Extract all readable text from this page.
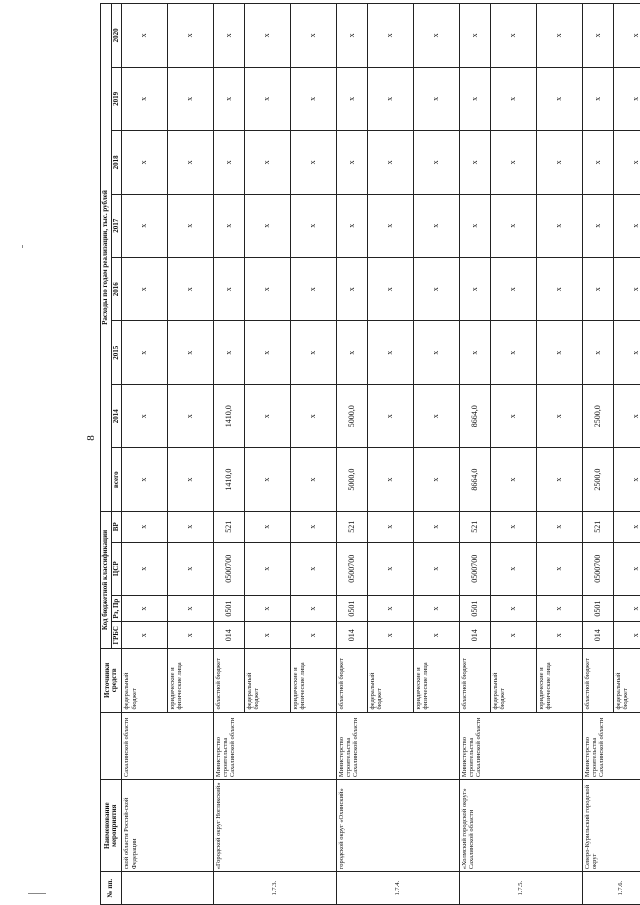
8
№ пп.	Наименование мероприятия		Источники средств	Код бюджетной классификации				Расходы по годам реализации, тыс. рублей							
				ГРБС	Рз, Пр	ЦСР	ВР	всего	2014	2015	2016	2017	2018	2019	2020
	ской области Россий-ской Федерации	Сахалинской области	федеральный бюджет	х	х	х	х	х	х	х	х	х	х	х	х
			юридические и физические лица	х	х	х	х	х	х	х	х	х	х	х	х
1.7.3.	«Городской округ Ногликский»	Министерство строительства Сахалинской области	областной бюджет	014	0501	0500700	521	1410,0	1410,0	х	х	х	х	х	х
			федеральный бюджет	х	х	х	х	х	х	х	х	х	х	х	х
			юридические и физические лица	х	х	х	х	х	х	х	х	х	х	х	х
1.7.4.	городской округ «Охинский»	Министерство строительства Сахалинской области	областной бюджет	014	0501	0500700	521	5000,0	5000,0	х	х	х	х	х	х
			федеральный бюджет	х	х	х	х	х	х	х	х	х	х	х	х
			юридические и физические лица	х	х	х	х	х	х	х	х	х	х	х	х
1.7.5.	«Холмский городской округ» Сахалинской области	Министерство строительства Сахалинской области	областной бюджет	014	0501	0500700	521	8664,0	8664,0	х	х	х	х	х	х
			федеральный бюджет	х	х	х	х	х	х	х	х	х	х	х	х
			юридические и физические лица	х	х	х	х	х	х	х	х	х	х	х	х
1.7.6.	Северо-Курильский городской округ	Министерство строительства Сахалинской области	областной бюджет	014	0501	0500700	521	2500,0	2500,0	х	х	х	х	х	х
			федеральный бюджет	х	х	х	х	х	х	х	х	х	х	х	х
